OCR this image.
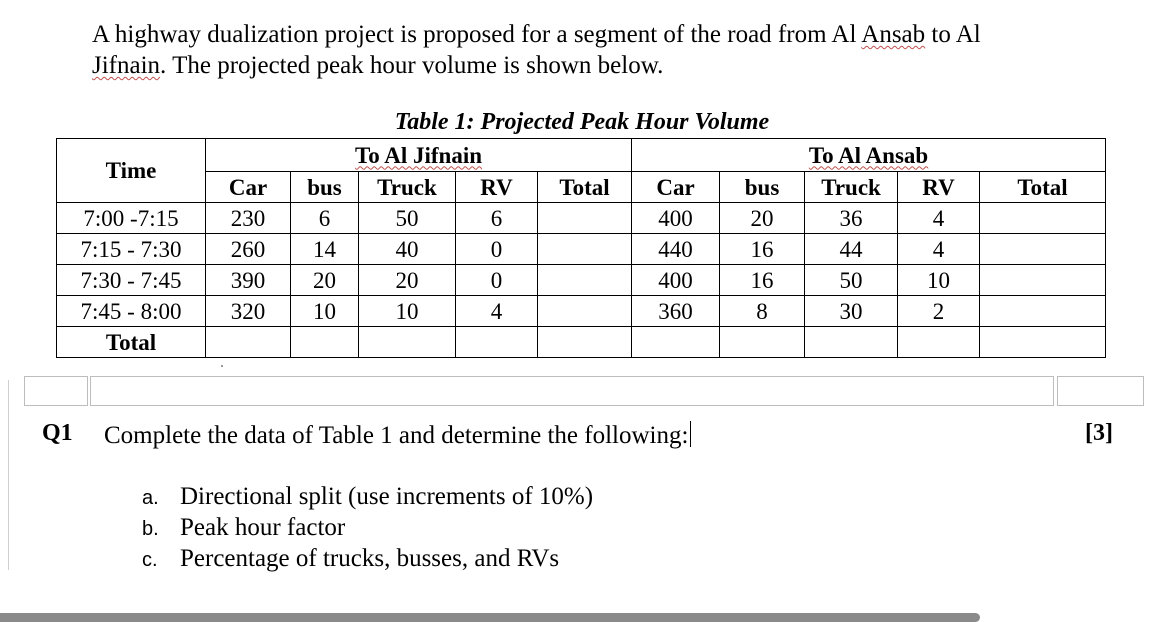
A highway dualization project is proposed for a segment of the road from Al Ansab to Al
Jifnain. The projected peak hour volume is shown below.
Table 1: Projected Peak Hour Volume
Time	To Al Jifnain					To Al Ansab				
	Car	bus	Truck	RV	Total	Car	bus	Truck	RV	Total
7:00 -7:15	230	6	50	6		400	20	36	4	
7:15 - 7:30	260	14	40	0		440	16	44	4	
7:30 - 7:45	390	20	20	0		400	16	50	10	
7:45 - 8:00	320	10	10	4		360	8	30	2	
Total										
Q1 Complete the data of Table 1 and determine the following:	[3]
a. Directional split (use increments of 10%)
b. Peak hour factor
c. Percentage of trucks, busses, and RVs
